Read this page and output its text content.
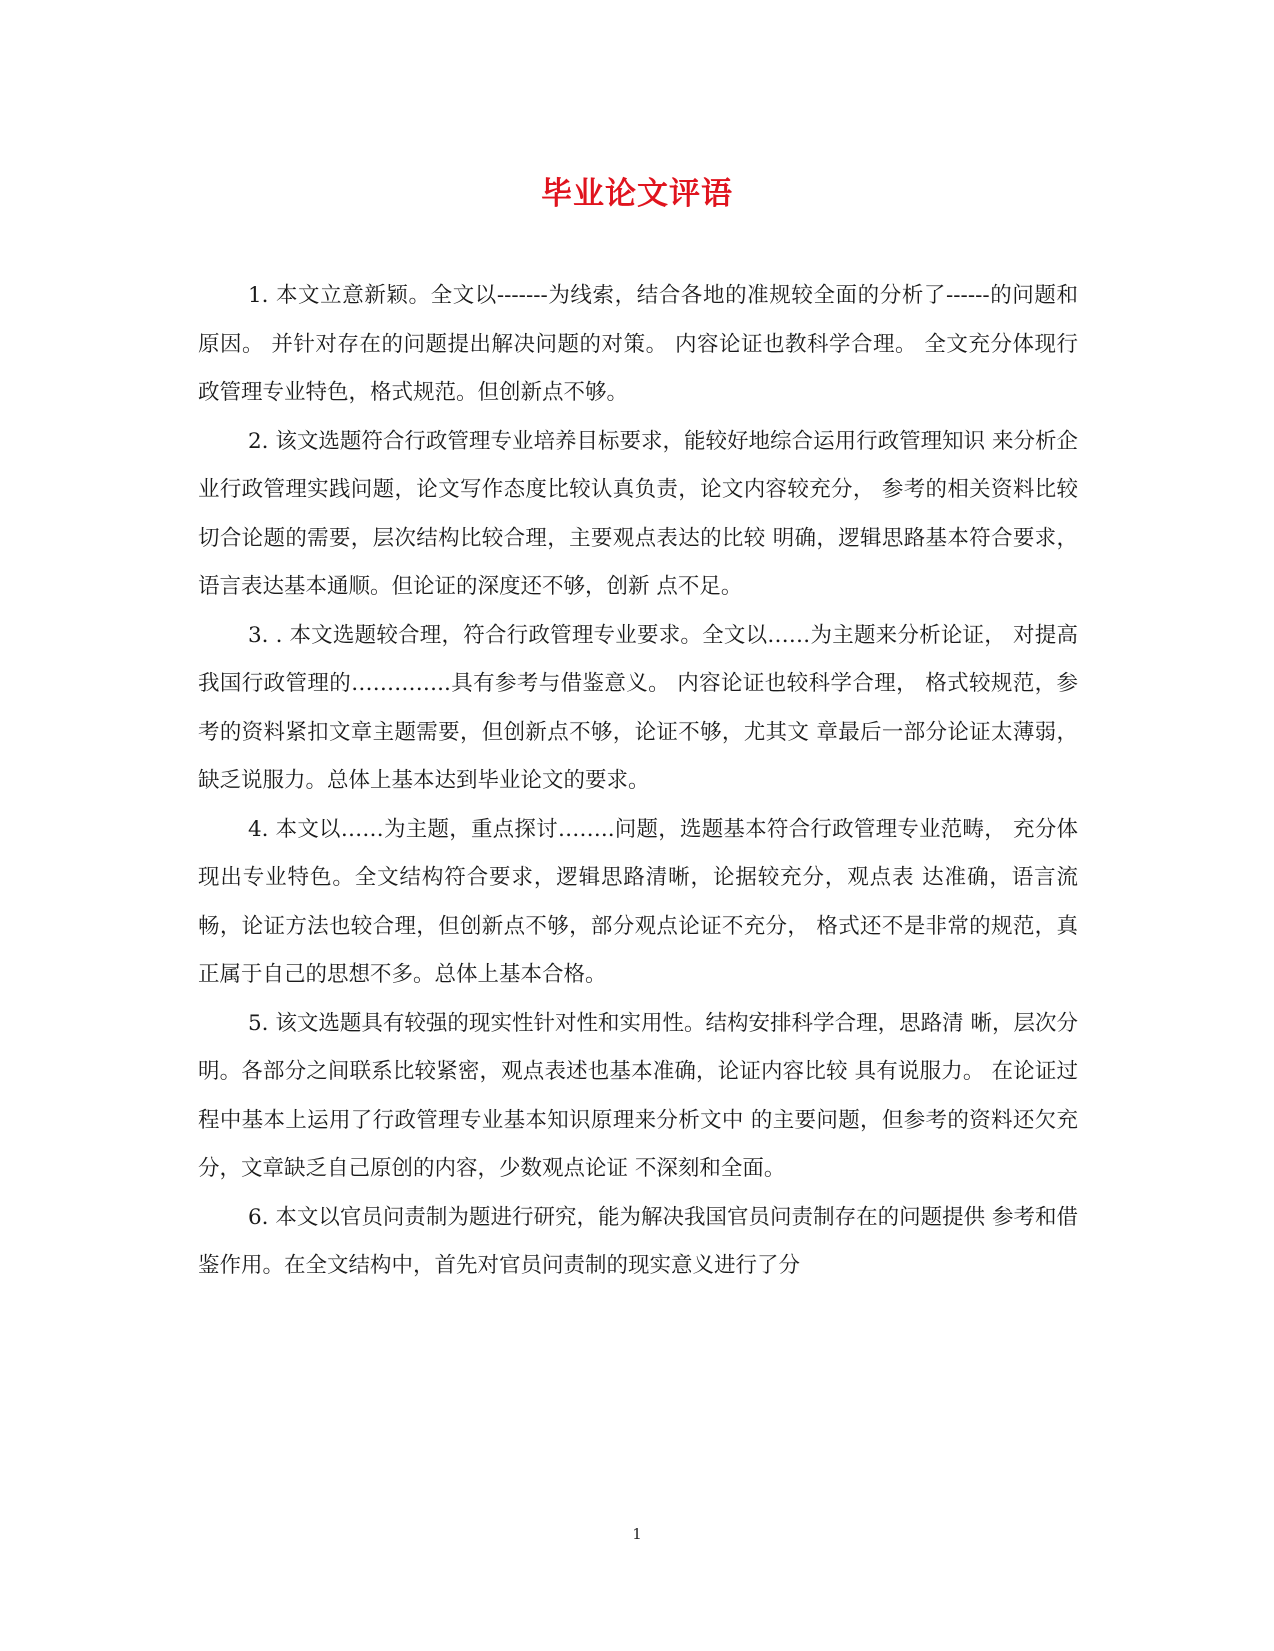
毕业论文评语

1. 本文立意新颖。全文以-------为线索，结合各地的准规较全面的分析了------的问题和原因。 并针对存在的问题提出解决问题的对策。 内容论证也教科学合理。 全文充分体现行政管理专业特色，格式规范。但创新点不够。

2. 该文选题符合行政管理专业培养目标要求，能较好地综合运用行政管理知识 来分析企业行政管理实践问题，论文写作态度比较认真负责，论文内容较充分， 参考的相关资料比较切合论题的需要，层次结构比较合理，主要观点表达的比较 明确，逻辑思路基本符合要求，语言表达基本通顺。但论证的深度还不够，创新 点不足。

3. . 本文选题较合理，符合行政管理专业要求。全文以……为主题来分析论证， 对提高我国行政管理的…………..具有参考与借鉴意义。 内容论证也较科学合理， 格式较规范，参考的资料紧扣文章主题需要，但创新点不够，论证不够，尤其文 章最后一部分论证太薄弱，缺乏说服力。总体上基本达到毕业论文的要求。

4. 本文以……为主题，重点探讨……..问题，选题基本符合行政管理专业范畴， 充分体现出专业特色。全文结构符合要求，逻辑思路清晰，论据较充分，观点表 达准确，语言流畅，论证方法也较合理，但创新点不够，部分观点论证不充分， 格式还不是非常的规范，真正属于自己的思想不多。总体上基本合格。

5. 该文选题具有较强的现实性针对性和实用性。结构安排科学合理，思路清 晰，层次分明。各部分之间联系比较紧密，观点表述也基本准确，论证内容比较 具有说服力。 在论证过程中基本上运用了行政管理专业基本知识原理来分析文中 的主要问题，但参考的资料还欠充分，文章缺乏自己原创的内容，少数观点论证 不深刻和全面。

6. 本文以官员问责制为题进行研究，能为解决我国官员问责制存在的问题提供 参考和借鉴作用。在全文结构中，首先对官员问责制的现实意义进行了分

1
